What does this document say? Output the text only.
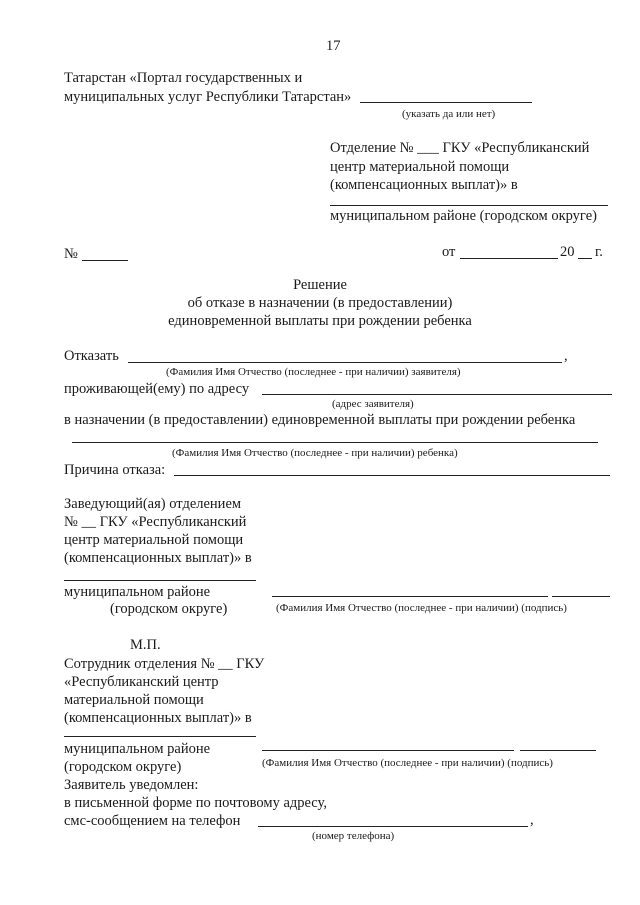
17
Татарстан «Портал государственных и
муниципальных услуг Республики Татарстан»
(указать да или нет)
Отделение № ___ ГКУ «Республиканский
центр материальной помощи
(компенсационных выплат)» в
муниципальном районе (городском округе)
№	от	20 г.
Решение
об отказе в назначении (в предоставлении)
единовременной выплаты при рождении ребенка
Отказать	,
(Фамилия Имя Отчество (последнее - при наличии) заявителя)
проживающей(ему) по адресу
(адрес заявителя)
в назначении (в предоставлении) единовременной выплаты при рождении ребенка
(Фамилия Имя Отчество (последнее - при наличии) ребенка)
Причина отказа:
Заведующий(ая) отделением
№ __ ГКУ «Республиканский
центр материальной помощи
(компенсационных выплат)» в
муниципальном районе
(городском округе)	(Фамилия Имя Отчество (последнее - при наличии) (подпись)
М.П.
Сотрудник отделения № __ ГКУ
«Республиканский центр
материальной помощи
(компенсационных выплат)» в
муниципальном районе
(городском округе)	(Фамилия Имя Отчество (последнее - при наличии) (подпись)
Заявитель уведомлен:
в письменной форме по почтовому адресу,
смс-сообщением на телефон	,
(номер телефона)
